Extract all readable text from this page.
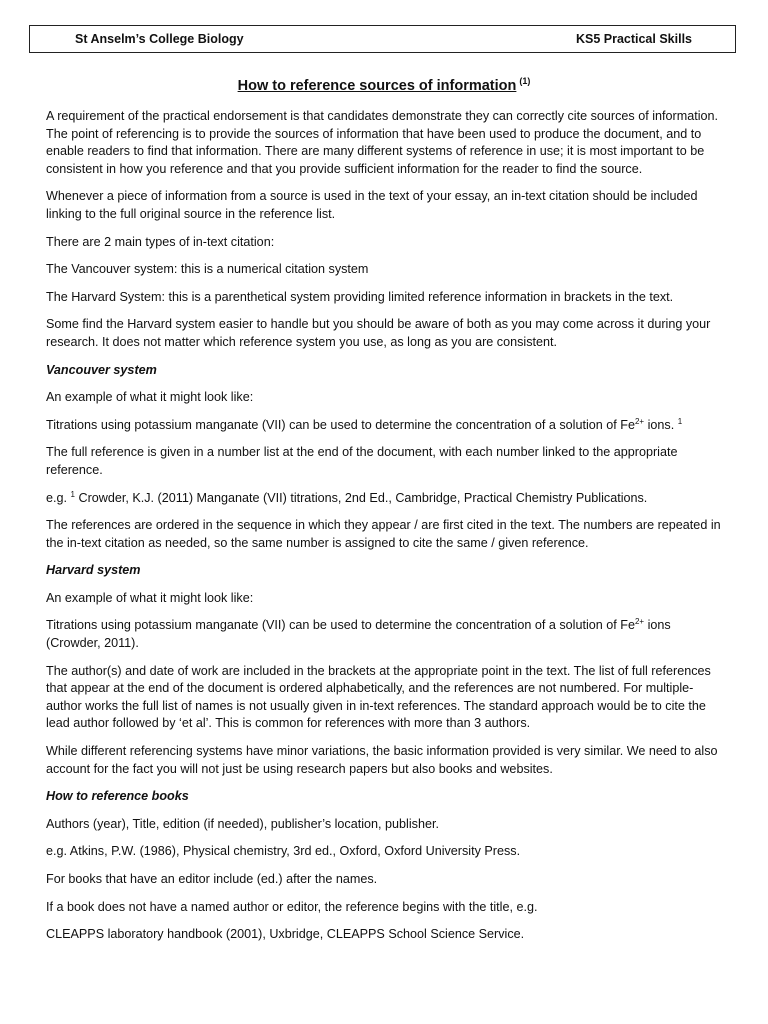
St Anselm’s College Biology	KS5 Practical Skills
How to reference sources of information $^{(1)}$

A requirement of the practical endorsement is that candidates demonstrate they can correctly cite sources of information. The point of referencing is to provide the sources of information that have been used to produce the document, and to enable readers to find that information. There are many different systems of reference in use; it is most important to be consistent in how you reference and that you provide sufficient information for the reader to find the source.

Whenever a piece of information from a source is used in the text of your essay, an in-text citation should be included linking to the full original source in the reference list.

There are 2 main types of in-text citation:

The Vancouver system: this is a numerical citation system

The Harvard System: this is a parenthetical system providing limited reference information in brackets in the text.

Some find the Harvard system easier to handle but you should be aware of both as you may come across it during your research. It does not matter which reference system you use, as long as you are consistent.

Vancouver system

An example of what it might look like:

Titrations using potassium manganate (VII) can be used to determine the concentration of a solution of $Fe^{2+}$ ions. $^1$

The full reference is given in a number list at the end of the document, with each number linked to the appropriate reference.

e.g. $^1$ Crowder, K.J. (2011) Manganate (VII) titrations, 2nd Ed., Cambridge, Practical Chemistry Publications.

The references are ordered in the sequence in which they appear / are first cited in the text. The numbers are repeated in the in-text citation as needed, so the same number is assigned to cite the same / given reference.

Harvard system

An example of what it might look like:

Titrations using potassium manganate (VII) can be used to determine the concentration of a solution of $Fe^{2+}$ ions (Crowder, 2011).

The author(s) and date of work are included in the brackets at the appropriate point in the text. The list of full references that appear at the end of the document is ordered alphabetically, and the references are not numbered. For multiple-author works the full list of names is not usually given in in-text references. The standard approach would be to cite the lead author followed by ‘et al’. This is common for references with more than 3 authors.

While different referencing systems have minor variations, the basic information provided is very similar. We need to also account for the fact you will not just be using research papers but also books and websites.

How to reference books

Authors (year), Title, edition (if needed), publisher’s location, publisher.

e.g. Atkins, P.W. (1986), Physical chemistry, 3rd ed., Oxford, Oxford University Press.

For books that have an editor include (ed.) after the names.

If a book does not have a named author or editor, the reference begins with the title, e.g.

CLEAPPS laboratory handbook (2001), Uxbridge, CLEAPPS School Science Service.
